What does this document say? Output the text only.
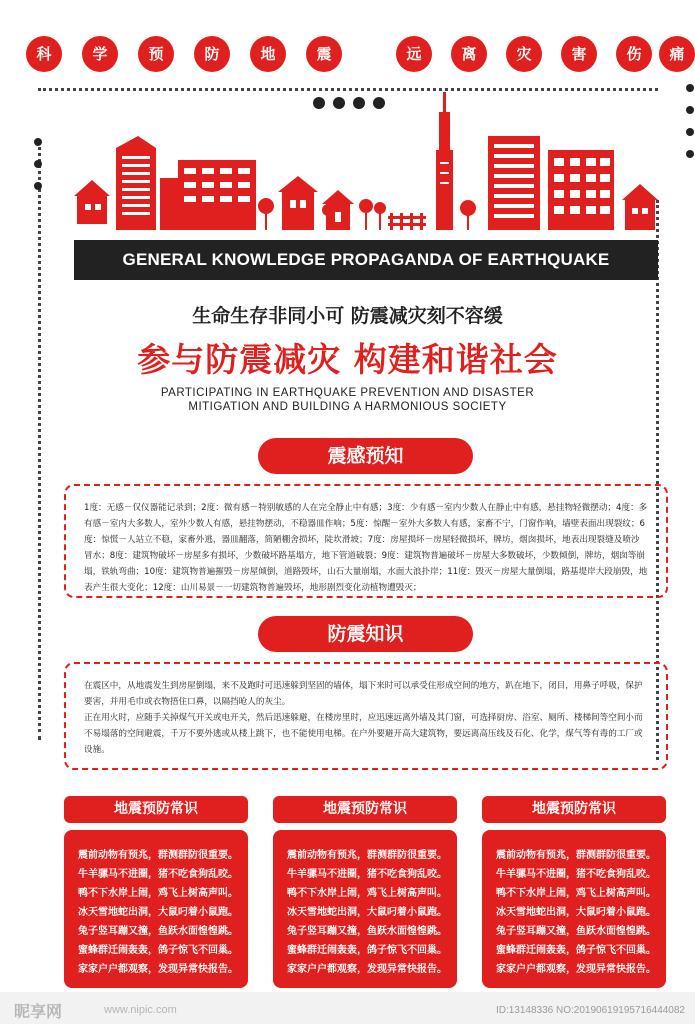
科	学	预	防	地	震	远	离	灾	害	伤	痛
GENERAL KNOWLEDGE PROPAGANDA OF EARTHQUAKE PROTECTION
生命生存非同小可 防震减灾刻不容缓
参与防震减灾 构建和谐社会
PARTICIPATING IN EARTHQUAKE PREVENTION AND DISASTER
MITIGATION AND BUILDING A HARMONIOUS SOCIETY
震感预知

1度：无感－仅仪器能记录到；2度：微有感－特别敏感的人在完全静止中有感；3度：少有感－室内少数人在静止中有感，悬挂物轻微摆动；4度：多有感－室内大多数人，室外少数人有感，悬挂物摆动，不稳器皿作响；5度：惊醒－室外大多数人有感，家畜不宁，门窗作响，墙壁表面出现裂纹；6度：惊慌－人站立不稳，家畜外逃，器皿翻落，简陋棚舍损坏，陡坎滑坡；7度：房屋损坏－房屋轻微损坏，牌坊，烟囱损坏，地表出现裂缝及喷沙冒水；8度：建筑物破坏－房屋多有损坏，少数破坏路基塌方，地下管道破裂；9度：建筑物普遍破坏－房屋大多数破坏，少数倾倒，牌坊，烟囱等崩塌，铁轨弯曲；10度：建筑物普遍摧毁－房屋倾倒，道路毁坏，山石大量崩塌，水面大浪扑岸；11度：毁灭－房屋大量倒塌，路基堤岸大段崩毁，地表产生很大变化；12度：山川易景－一切建筑物普遍毁坏，地形剧烈变化动植物遭毁灭；

防震知识

在震区中，从地震发生到房屋倒塌，来不及跑时可迅速躲到坚固的墙体，塌下来时可以承受住形成空间的地方，趴在地下，闭目，用鼻子呼吸，保护要害，并用毛巾或衣物捂住口鼻，以隔挡呛人的灰尘。

正在用火时，应随手关掉煤气开关或电开关，然后迅速躲避，在楼房里时，应迅速远离外墙及其门窗，可选择厨房、浴室、厕所、楼梯间等空间小而不易塌落的空间避震，千万不要外逃或从楼上跳下，也不能使用电梯。在户外要避开高大建筑物，要远离高压线及石化、化学，煤气等有毒的工厂或设施。

地震预防常识
震前动物有预兆，群测群防很重要。
牛羊骡马不进圈，猪不吃食狗乱咬。
鸭不下水岸上闹，鸡飞上树高声叫。
冰天雪地蛇出洞，大鼠叼着小鼠跑。
兔子竖耳蹦又撞，鱼跃水面惶惶跳。
蜜蜂群迁闹轰轰，鸽子惊飞不回巢。
家家户户都观察，发现异常快报告。
地震预防常识
震前动物有预兆，群测群防很重要。
牛羊骡马不进圈，猪不吃食狗乱咬。
鸭不下水岸上闹，鸡飞上树高声叫。
冰天雪地蛇出洞，大鼠叼着小鼠跑。
兔子竖耳蹦又撞，鱼跃水面惶惶跳。
蜜蜂群迁闹轰轰，鸽子惊飞不回巢。
家家户户都观察，发现异常快报告。
地震预防常识
震前动物有预兆，群测群防很重要。
牛羊骡马不进圈，猪不吃食狗乱咬。
鸭不下水岸上闹，鸡飞上树高声叫。
冰天雪地蛇出洞，大鼠叼着小鼠跑。
兔子竖耳蹦又撞，鱼跃水面惶惶跳。
蜜蜂群迁闹轰轰，鸽子惊飞不回巢。
家家户户都观察，发现异常快报告。
昵享网	www.nipic.com	ID:13148336 NO:20190619195716444082
